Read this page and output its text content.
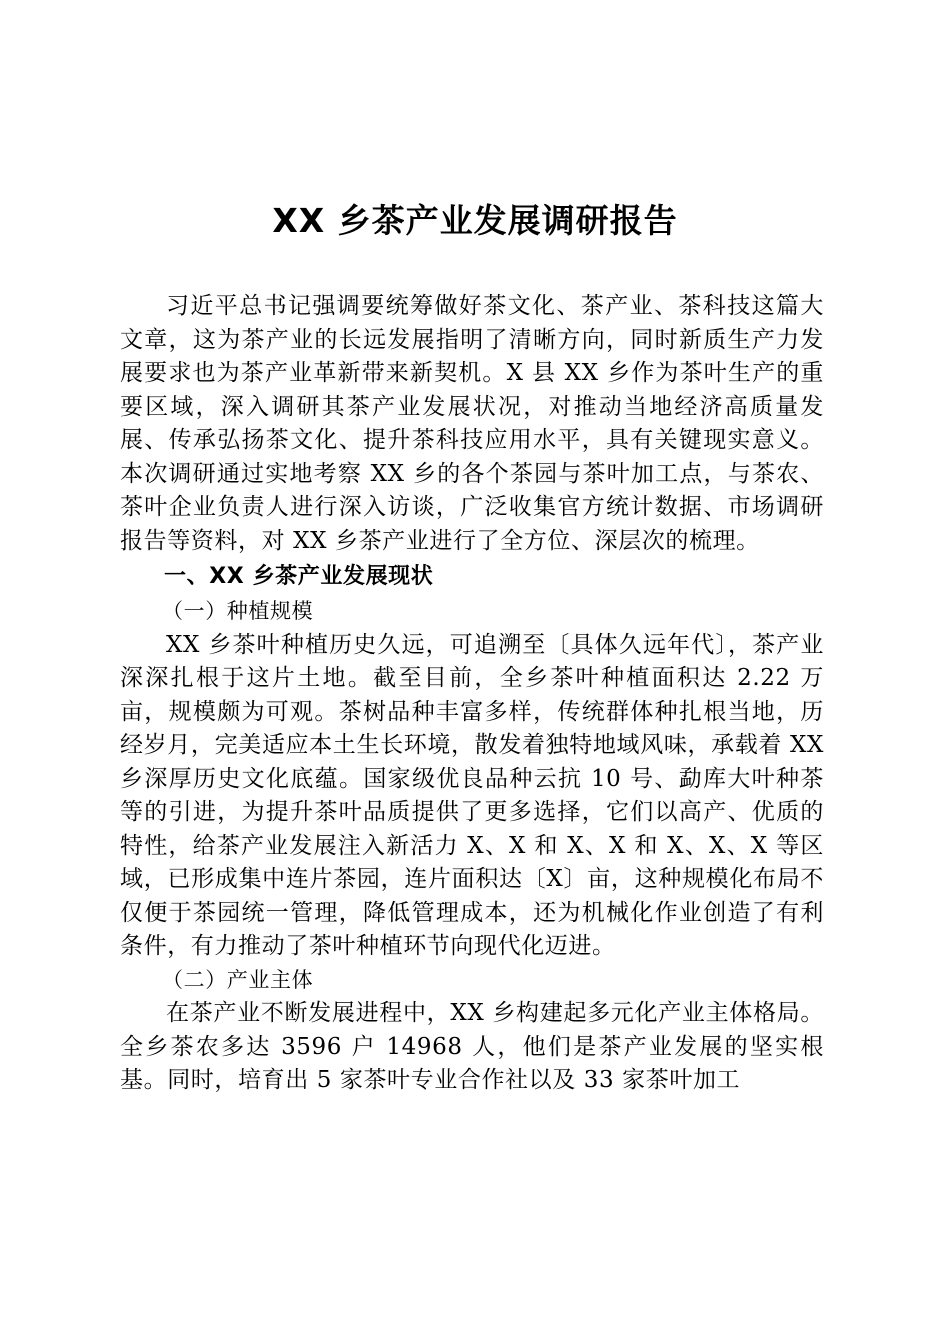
XX 乡茶产业发展调研报告

习近平总书记强调要统筹做好茶文化、茶产业、茶科技这篇大文章，这为茶产业的长远发展指明了清晰方向，同时新质生产力发展要求也为茶产业革新带来新契机。X 县 XX 乡作为茶叶生产的重要区域，深入调研其茶产业发展状况，对推动当地经济高质量发展、传承弘扬茶文化、提升茶科技应用水平，具有关键现实意义。本次调研通过实地考察 XX 乡的各个茶园与茶叶加工点，与茶农、茶叶企业负责人进行深入访谈，广泛收集官方统计数据、市场调研报告等资料，对 XX 乡茶产业进行了全方位、深层次的梳理。

一、XX 乡茶产业发展现状

（一）种植规模

XX 乡茶叶种植历史久远，可追溯至〔具体久远年代〕，茶产业深深扎根于这片土地。截至目前，全乡茶叶种植面积达 2.22 万亩，规模颇为可观。茶树品种丰富多样，传统群体种扎根当地，历经岁月，完美适应本土生长环境，散发着独特地域风味，承载着 XX 乡深厚历史文化底蕴。国家级优良品种云抗 10 号、勐库大叶种茶等的引进，为提升茶叶品质提供了更多选择，它们以高产、优质的特性，给茶产业发展注入新活力 X、X 和 X、X 和 X、X、X 等区域，已形成集中连片茶园，连片面积达〔X〕亩，这种规模化布局不仅便于茶园统一管理，降低管理成本，还为机械化作业创造了有利条件，有力推动了茶叶种植环节向现代化迈进。

（二）产业主体

在茶产业不断发展进程中，XX 乡构建起多元化产业主体格局。全乡茶农多达 3596 户 14968 人，他们是茶产业发展的坚实根基。同时，培育出 5 家茶叶专业合作社以及 33 家茶叶加工
